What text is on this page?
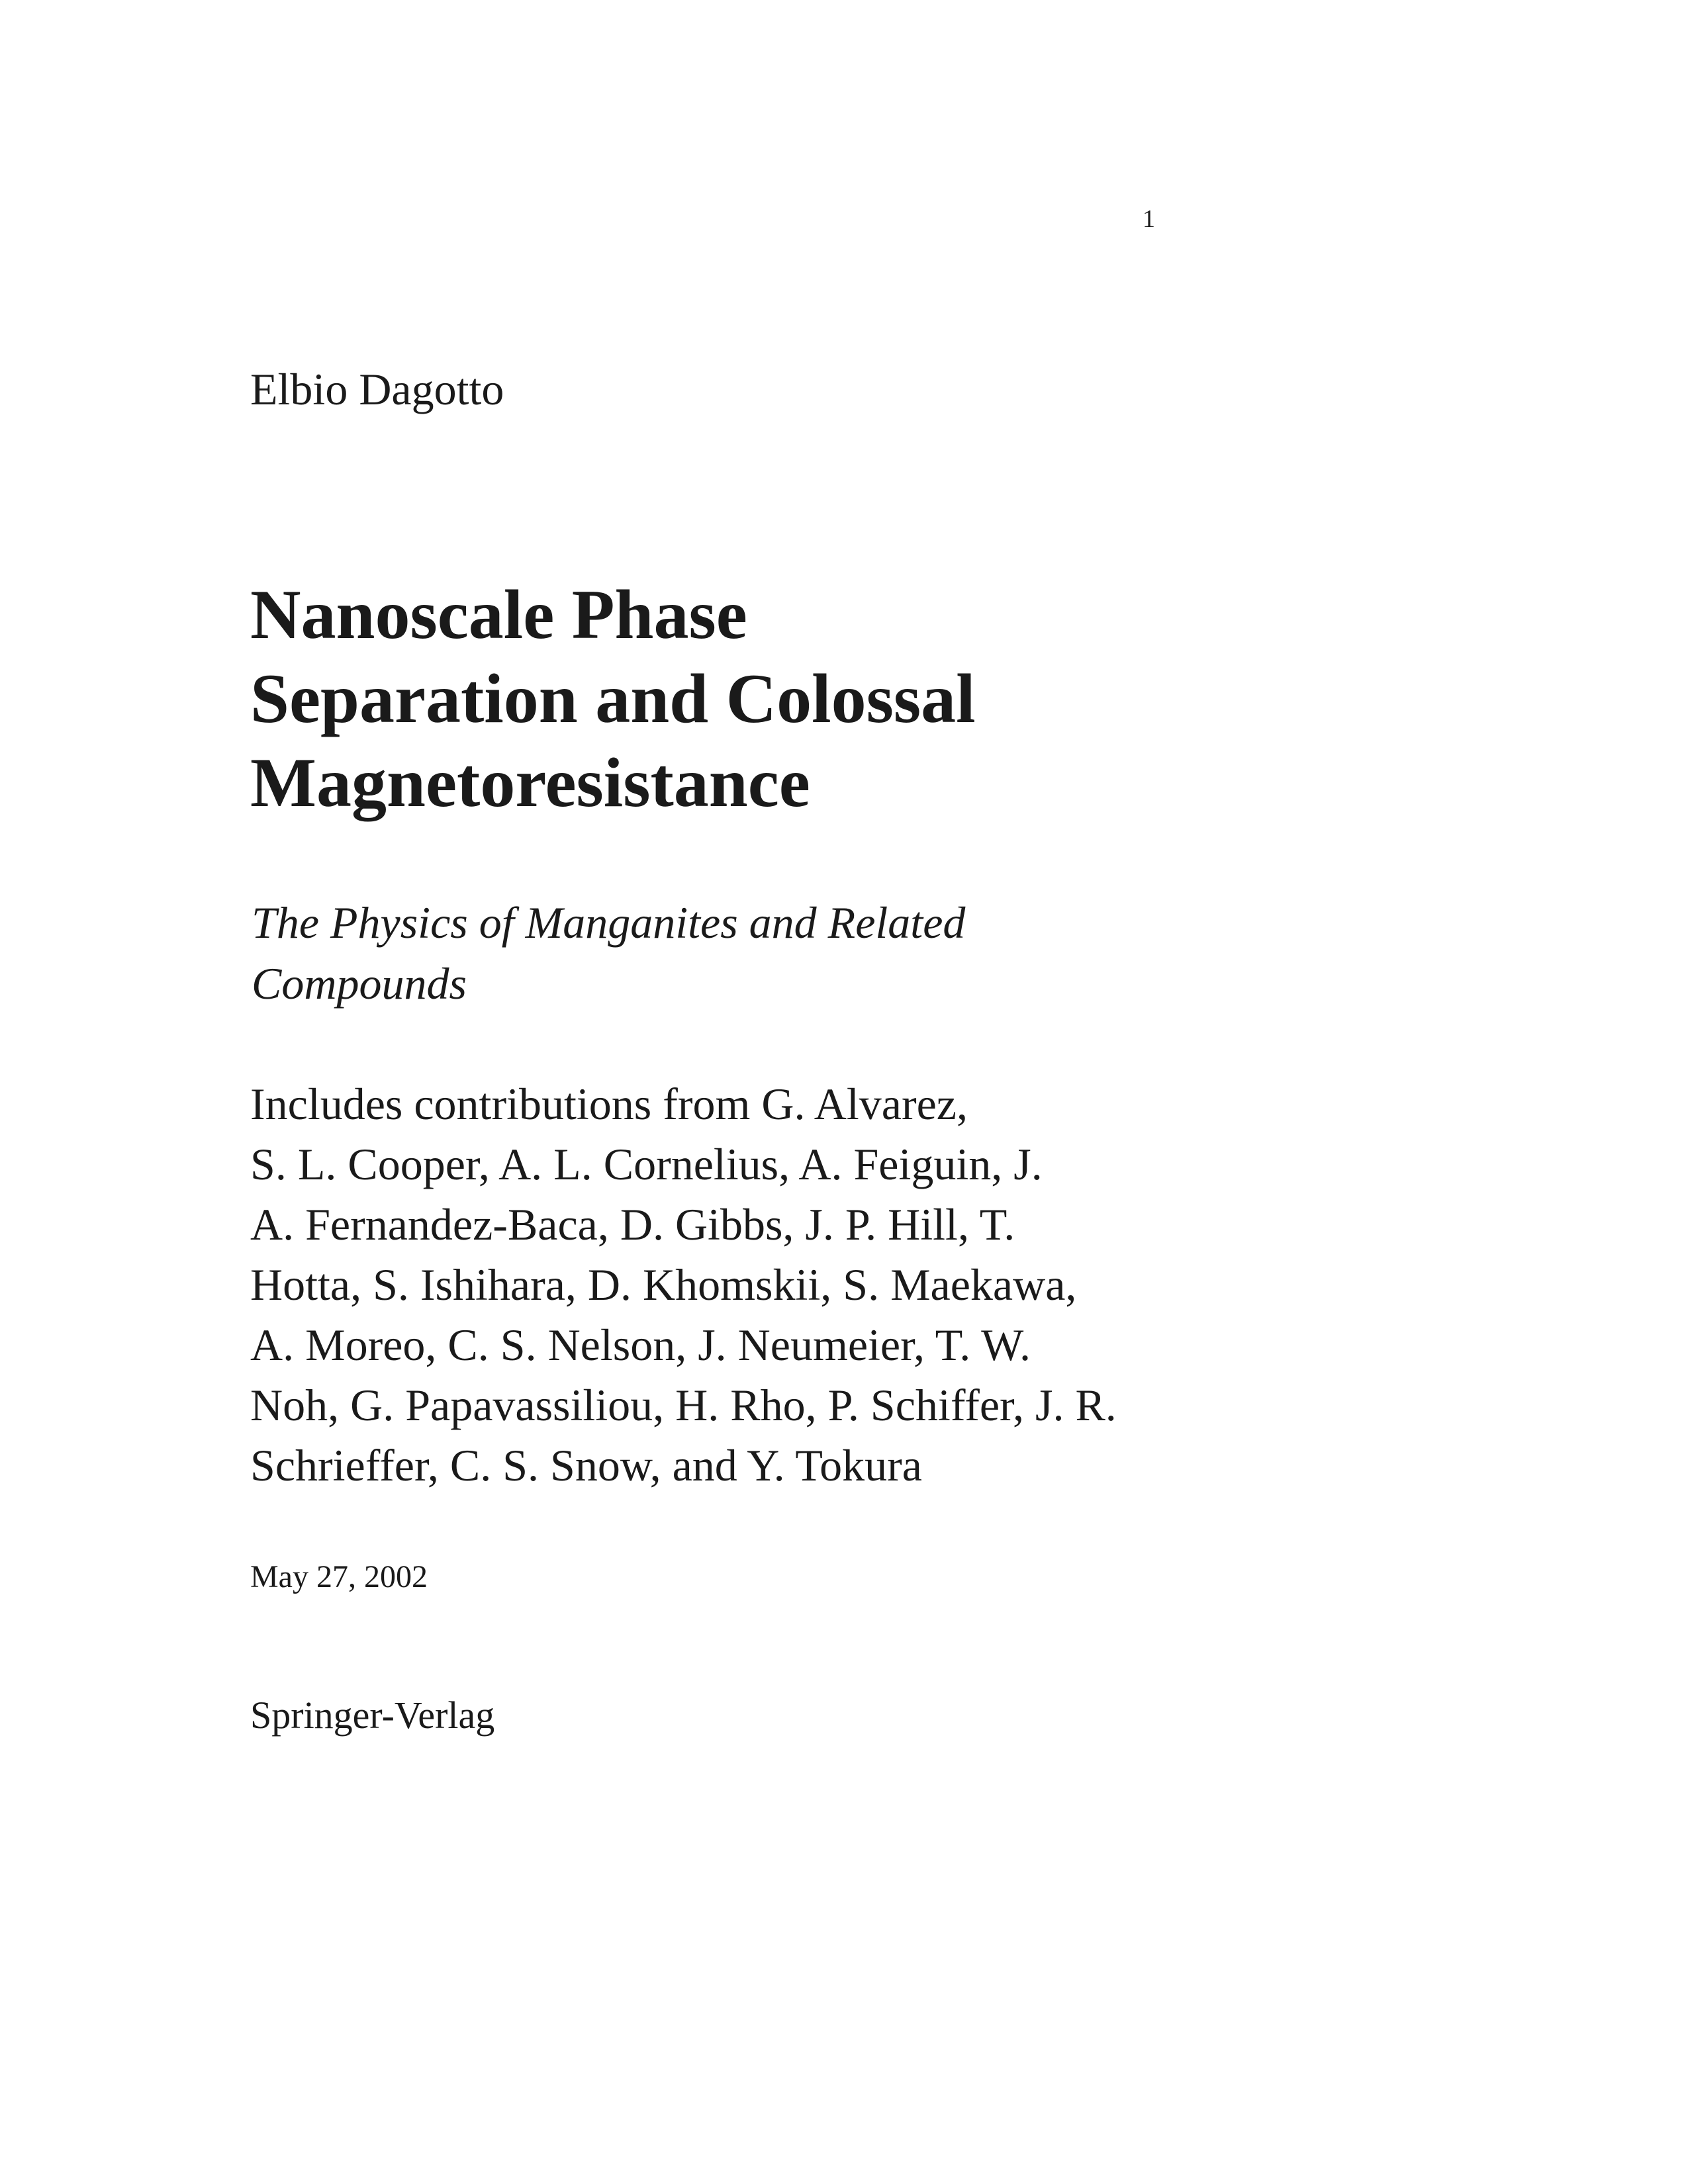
1
Elbio Dagotto
Nanoscale Phase
Separation and Colossal
Magnetoresistance
The Physics of Manganites and Related
Compounds
Includes contributions from G. Alvarez,
S. L. Cooper, A. L. Cornelius, A. Feiguin, J.
A. Fernandez-Baca, D. Gibbs, J. P. Hill, T.
Hotta, S. Ishihara, D. Khomskii, S. Maekawa,
A. Moreo, C. S. Nelson, J. Neumeier, T. W.
Noh, G. Papavassiliou, H. Rho, P. Schiffer, J. R.
Schrieffer, C. S. Snow, and Y. Tokura
May 27, 2002
Springer-Verlag
